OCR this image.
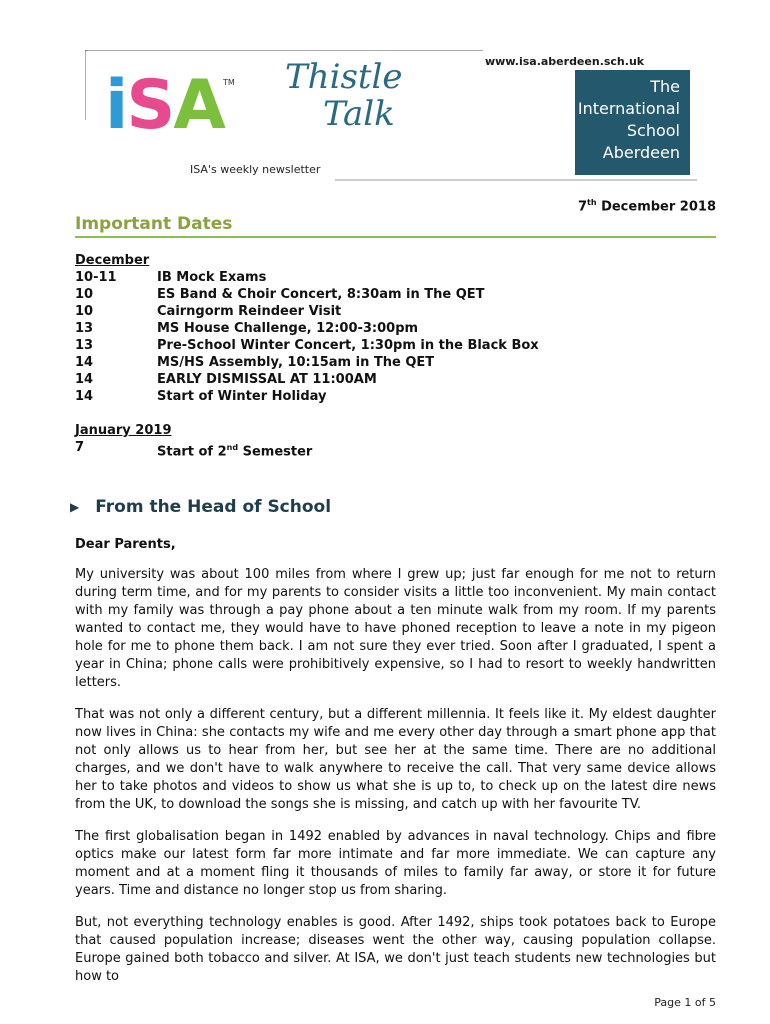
iSA TM Thistle
Talk
ISA's weekly newsletter
www.isa.aberdeen.sch.uk
The
International
School
Aberdeen
7th December 2018
Important Dates
December
10-11	IB Mock Exams
10	ES Band & Choir Concert, 8:30am in The QET
10	Cairngorm Reindeer Visit
13	MS House Challenge, 12:00-3:00pm
13	Pre-School Winter Concert, 1:30pm in the Black Box
14	MS/HS Assembly, 10:15am in The QET
14	EARLY DISMISSAL AT 11:00AM
14	Start of Winter Holiday
January 2019
7	Start of 2nd Semester
▶ From the Head of School

Dear Parents,

My university was about 100 miles from where I grew up; just far enough for me not to return during term time, and for my parents to consider visits a little too inconvenient. My main contact with my family was through a pay phone about a ten minute walk from my room. If my parents wanted to contact me, they would have to have phoned reception to leave a note in my pigeon hole for me to phone them back. I am not sure they ever tried. Soon after I graduated, I spent a year in China; phone calls were prohibitively expensive, so I had to resort to weekly handwritten letters.

That was not only a different century, but a different millennia. It feels like it. My eldest daughter now lives in China: she contacts my wife and me every other day through a smart phone app that not only allows us to hear from her, but see her at the same time. There are no additional charges, and we don't have to walk anywhere to receive the call. That very same device allows her to take photos and videos to show us what she is up to, to check up on the latest dire news from the UK, to download the songs she is missing, and catch up with her favourite TV.

The first globalisation began in 1492 enabled by advances in naval technology. Chips and fibre optics make our latest form far more intimate and far more immediate. We can capture any moment and at a moment fling it thousands of miles to family far away, or store it for future years. Time and distance no longer stop us from sharing.

But, not everything technology enables is good. After 1492, ships took potatoes back to Europe that caused population increase; diseases went the other way, causing population collapse. Europe gained both tobacco and silver. At ISA, we don't just teach students new technologies but how to

Page 1 of 5
